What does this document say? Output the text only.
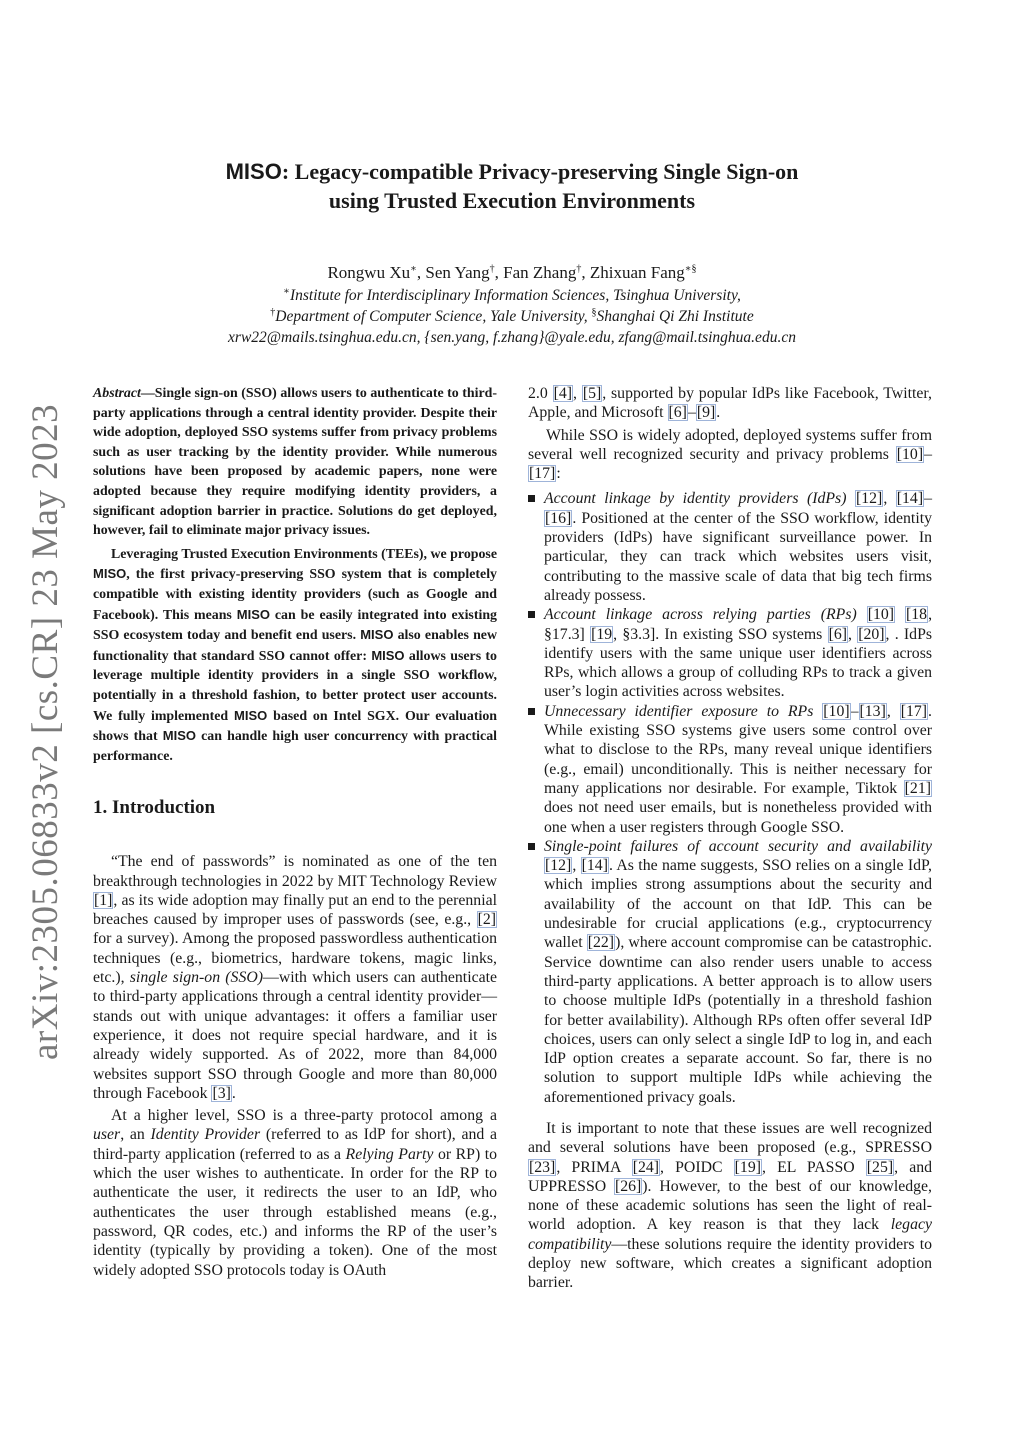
arXiv:2305.06833v2 [cs.CR] 23 May 2023
MISO: Legacy-compatible Privacy-preserving Single Sign-on
using Trusted Execution Environments
Rongwu Xu∗, Sen Yang†, Fan Zhang†, Zhixuan Fang∗§
∗Institute for Interdisciplinary Information Sciences, Tsinghua University,
†Department of Computer Science, Yale University, §Shanghai Qi Zhi Institute
xrw22@mails.tsinghua.edu.cn, {sen.yang, f.zhang}@yale.edu, zfang@mail.tsinghua.edu.cn

Abstract—Single sign-on (SSO) allows users to authenticate to third-party applications through a central identity provider. Despite their wide adoption, deployed SSO systems suffer from privacy problems such as user tracking by the identity provider. While numerous solutions have been proposed by academic papers, none were adopted because they require modifying identity providers, a significant adoption barrier in practice. Solutions do get deployed, however, fail to eliminate major privacy issues.

Leveraging Trusted Execution Environments (TEEs), we propose MISO, the first privacy-preserving SSO system that is completely compatible with existing identity providers (such as Google and Facebook). This means MISO can be easily integrated into existing SSO ecosystem today and benefit end users. MISO also enables new functionality that standard SSO cannot offer: MISO allows users to leverage multiple identity providers in a single SSO workflow, potentially in a threshold fashion, to better protect user accounts. We fully implemented MISO based on Intel SGX. Our evaluation shows that MISO can handle high user concurrency with practical performance.

1. Introduction

“The end of passwords” is nominated as one of the ten breakthrough technologies in 2022 by MIT Technology Review [1], as its wide adoption may finally put an end to the perennial breaches caused by improper uses of passwords (see, e.g., [2] for a survey). Among the proposed passwordless authentication techniques (e.g., biometrics, hardware tokens, magic links, etc.), single sign-on (SSO)—with which users can authenticate to third-party applications through a central identity provider—stands out with unique advantages: it offers a familiar user experience, it does not require special hardware, and it is already widely supported. As of 2022, more than 84,000 websites support SSO through Google and more than 80,000 through Facebook [3].

At a higher level, SSO is a three-party protocol among a user, an Identity Provider (referred to as IdP for short), and a third-party application (referred to as a Relying Party or RP) to which the user wishes to authenticate. In order for the RP to authenticate the user, it redirects the user to an IdP, who authenticates the user through established means (e.g., password, QR codes, etc.) and informs the RP of the user’s identity (typically by providing a token). One of the most widely adopted SSO protocols today is OAuth

2.0 [4], [5], supported by popular IdPs like Facebook, Twitter, Apple, and Microsoft [6]–[9].

While SSO is widely adopted, deployed systems suffer from several well recognized security and privacy problems [10]–[17]:

Account linkage by identity providers (IdPs) [12], [14]–[16]. Positioned at the center of the SSO workflow, identity providers (IdPs) have significant surveillance power. In particular, they can track which websites users visit, contributing to the massive scale of data that big tech firms already possess.
Account linkage across relying parties (RPs) [10] [18, §17.3] [19, §3.3]. In existing SSO systems [6], [20], . IdPs identify users with the same unique user identifiers across RPs, which allows a group of colluding RPs to track a given user’s login activities across websites.
Unnecessary identifier exposure to RPs [10]–[13], [17]. While existing SSO systems give users some control over what to disclose to the RPs, many reveal unique identifiers (e.g., email) unconditionally. This is neither necessary for many applications nor desirable. For example, Tiktok [21] does not need user emails, but is nonetheless provided with one when a user registers through Google SSO.
Single-point failures of account security and availability [12], [14]. As the name suggests, SSO relies on a single IdP, which implies strong assumptions about the security and availability of the account on that IdP. This can be undesirable for crucial applications (e.g., cryptocurrency wallet [22]), where account compromise can be catastrophic. Service downtime can also render users unable to access third-party applications. A better approach is to allow users to choose multiple IdPs (potentially in a threshold fashion for better availability). Although RPs often offer several IdP choices, users can only select a single IdP to log in, and each IdP option creates a separate account. So far, there is no solution to support multiple IdPs while achieving the aforementioned privacy goals.

It is important to note that these issues are well recognized and several solutions have been proposed (e.g., SPRESSO [23], PRIMA [24], POIDC [19], EL PASSO [25], and UPPRESSO [26]). However, to the best of our knowledge, none of these academic solutions has seen the light of real-world adoption. A key reason is that they lack legacy compatibility—these solutions require the identity providers to deploy new software, which creates a significant adoption barrier.
